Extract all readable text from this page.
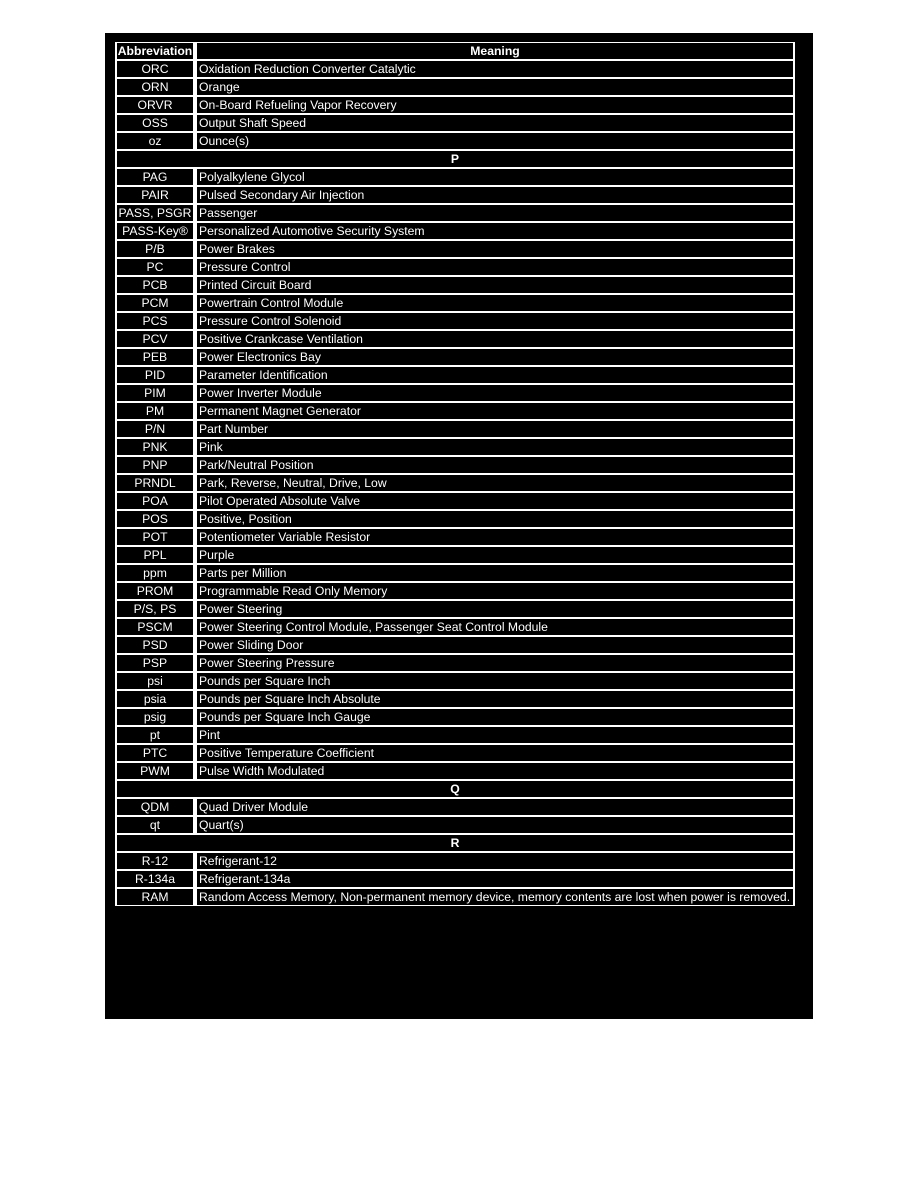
Abbreviation	Meaning
ORC	Oxidation Reduction Converter Catalytic
ORN	Orange
ORVR	On-Board Refueling Vapor Recovery
OSS	Output Shaft Speed
oz	Ounce(s)
P	
PAG	Polyalkylene Glycol
PAIR	Pulsed Secondary Air Injection
PASS, PSGR	Passenger
PASS-Key®	Personalized Automotive Security System
P/B	Power Brakes
PC	Pressure Control
PCB	Printed Circuit Board
PCM	Powertrain Control Module
PCS	Pressure Control Solenoid
PCV	Positive Crankcase Ventilation
PEB	Power Electronics Bay
PID	Parameter Identification
PIM	Power Inverter Module
PM	Permanent Magnet Generator
P/N	Part Number
PNK	Pink
PNP	Park/Neutral Position
PRNDL	Park, Reverse, Neutral, Drive, Low
POA	Pilot Operated Absolute Valve
POS	Positive, Position
POT	Potentiometer Variable Resistor
PPL	Purple
ppm	Parts per Million
PROM	Programmable Read Only Memory
P/S, PS	Power Steering
PSCM	Power Steering Control Module, Passenger Seat Control Module
PSD	Power Sliding Door
PSP	Power Steering Pressure
psi	Pounds per Square Inch
psia	Pounds per Square Inch Absolute
psig	Pounds per Square Inch Gauge
pt	Pint
PTC	Positive Temperature Coefficient
PWM	Pulse Width Modulated
Q	
QDM	Quad Driver Module
qt	Quart(s)
R	
R-12	Refrigerant-12
R-134a	Refrigerant-134a
RAM	Random Access Memory, Non-permanent memory device, memory contents are lost when power is removed.
